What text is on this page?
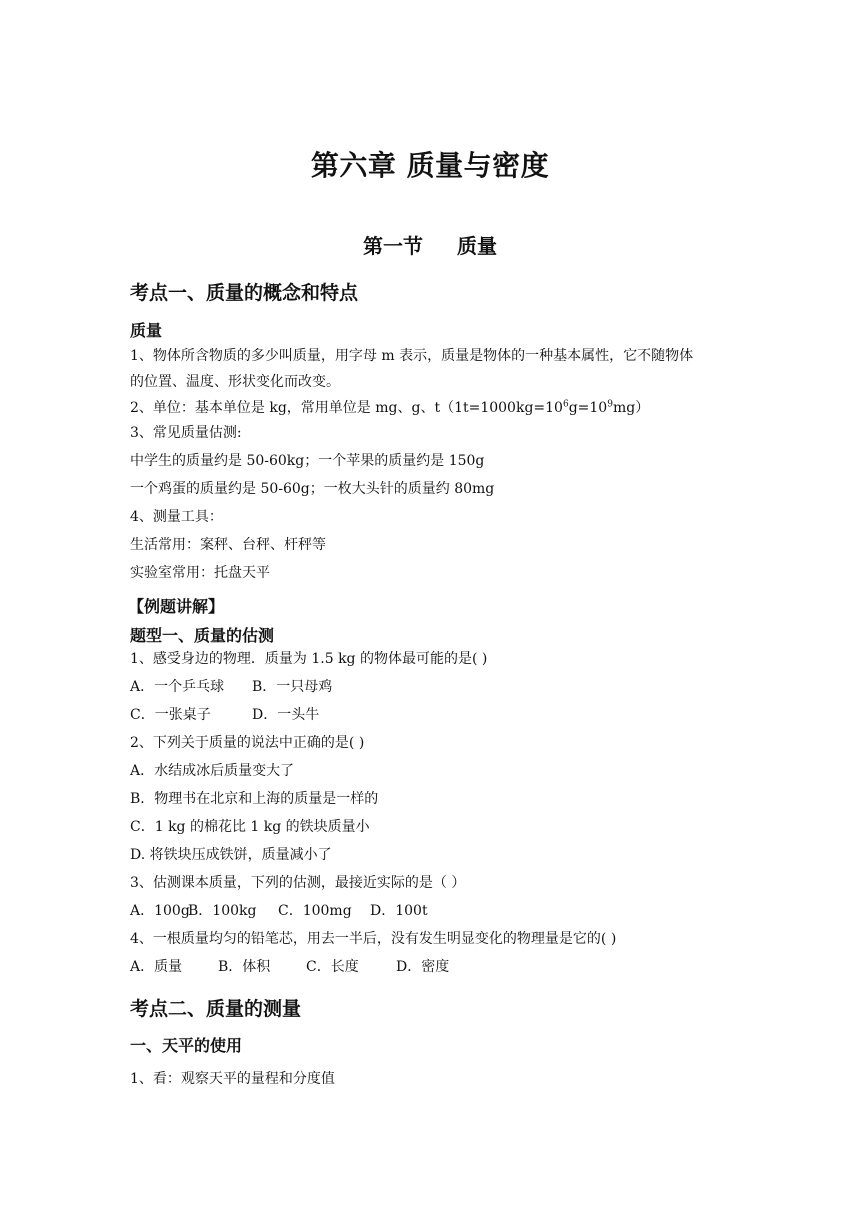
第六章 质量与密度
第一节 质量
考点一、质量的概念和特点
质量
1、物体所含物质的多少叫质量，用字母 m 表示，质量是物体的一种基本属性，它不随物体
的位置、温度、形状变化而改变。
2、单位：基本单位是 kg，常用单位是 mg、g、$t(1t=1000kg=10^6g=10^9mg)$
3、常见质量估测:
中学生的质量约是 50-60kg；一个苹果的质量约是 150g
一个鸡蛋的质量约是 50-60g；一枚大头针的质量约 80mg
4、测量工具：
生活常用：案秤、台秤、杆秤等
实验室常用：托盘天平
【例题讲解】
题型一、质量的估测
1、感受身边的物理．质量为 1.5 kg 的物体最可能的是( )
A．一个乒乓球 B．一只母鸡
C．一张桌子	D．一头牛
2、下列关于质量的说法中正确的是( )
A．水结成冰后质量变大了
B．物理书在北京和上海的质量是一样的
C．1 kg 的棉花比 1 kg 的铁块质量小
D. 将铁块压成铁饼，质量减小了
3、估测课本质量，下列的估测，最接近实际的是（ ）
A．100gB．100kg C．100mg D．100t
4、一根质量均匀的铅笔芯，用去一半后，没有发生明显变化的物理量是它的( )
A．质量	B．体积	C．长度	D．密度
考点二、质量的测量
一、天平的使用
1、看：观察天平的量程和分度值
